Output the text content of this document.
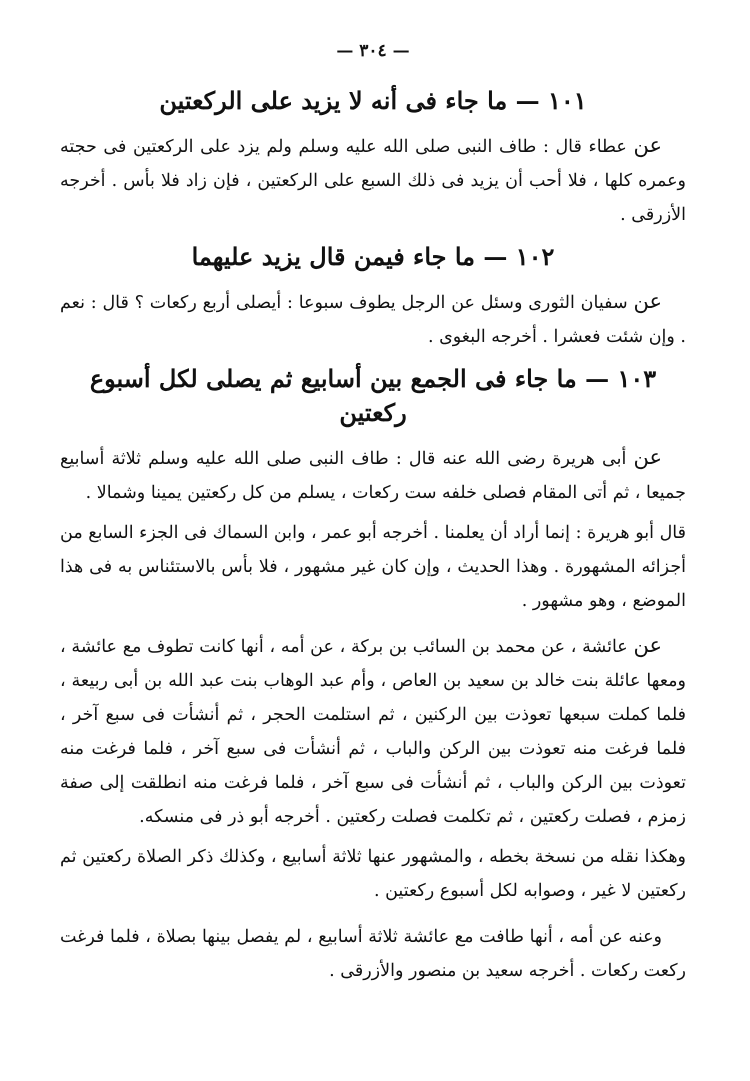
— ٣٠٤ —
١٠١ — ما جاء فى أنه لا يزيد على الركعتين

عن عطاء قال : طاف النبى صلى الله عليه وسلم ولم يزد على الركعتين فى حجته وعمره كلها ، فلا أحب أن يزيد فى ذلك السبع على الركعتين ، فإن زاد فلا بأس . أخرجه الأزرقى .

١٠٢ — ما جاء فيمن قال يزيد عليهما

عن سفيان الثورى وسئل عن الرجل يطوف سبوعا : أيصلى أربع ركعات ؟ قال : نعم . وإن شئت فعشرا . أخرجه البغوى .

١٠٣ — ما جاء فى الجمع بين أسابيع ثم يصلى لكل أسبوع ركعتين

عن أبى هريرة رضى الله عنه قال : طاف النبى صلى الله عليه وسلم ثلاثة أسابيع جميعا ، ثم أتى المقام فصلى خلفه ست ركعات ، يسلم من كل ركعتين يمينا وشمالا .

قال أبو هريرة : إنما أراد أن يعلمنا . أخرجه أبو عمر ، وابن السماك فى الجزء السابع من أجزائه المشهورة . وهذا الحديث ، وإن كان غير مشهور ، فلا بأس بالاستئناس به فى هذا الموضع ، وهو مشهور .

عن عائشة ، عن محمد بن السائب بن بركة ، عن أمه ، أنها كانت تطوف مع عائشة ، ومعها عائلة بنت خالد بن سعيد بن العاص ، وأم عبد الوهاب بنت عبد الله بن أبى ربيعة ، فلما كملت سبعها تعوذت بين الركنين ، ثم استلمت الحجر ، ثم أنشأت فى سبع آخر ، فلما فرغت منه تعوذت بين الركن والباب ، ثم أنشأت فى سبع آخر ، فلما فرغت منه تعوذت بين الركن والباب ، ثم أنشأت فى سبع آخر ، فلما فرغت منه انطلقت إلى صفة زمزم ، فصلت ركعتين ، ثم تكلمت فصلت ركعتين . أخرجه أبو ذر فى منسكه.

وهكذا نقله من نسخة بخطه ، والمشهور عنها ثلاثة أسابيع ، وكذلك ذكر الصلاة ركعتين ثم ركعتين لا غير ، وصوابه لكل أسبوع ركعتين .

وعنه عن أمه ، أنها طافت مع عائشة ثلاثة أسابيع ، لم يفصل بينها بصلاة ، فلما فرغت ركعت ركعات . أخرجه سعيد بن منصور والأزرقى .
